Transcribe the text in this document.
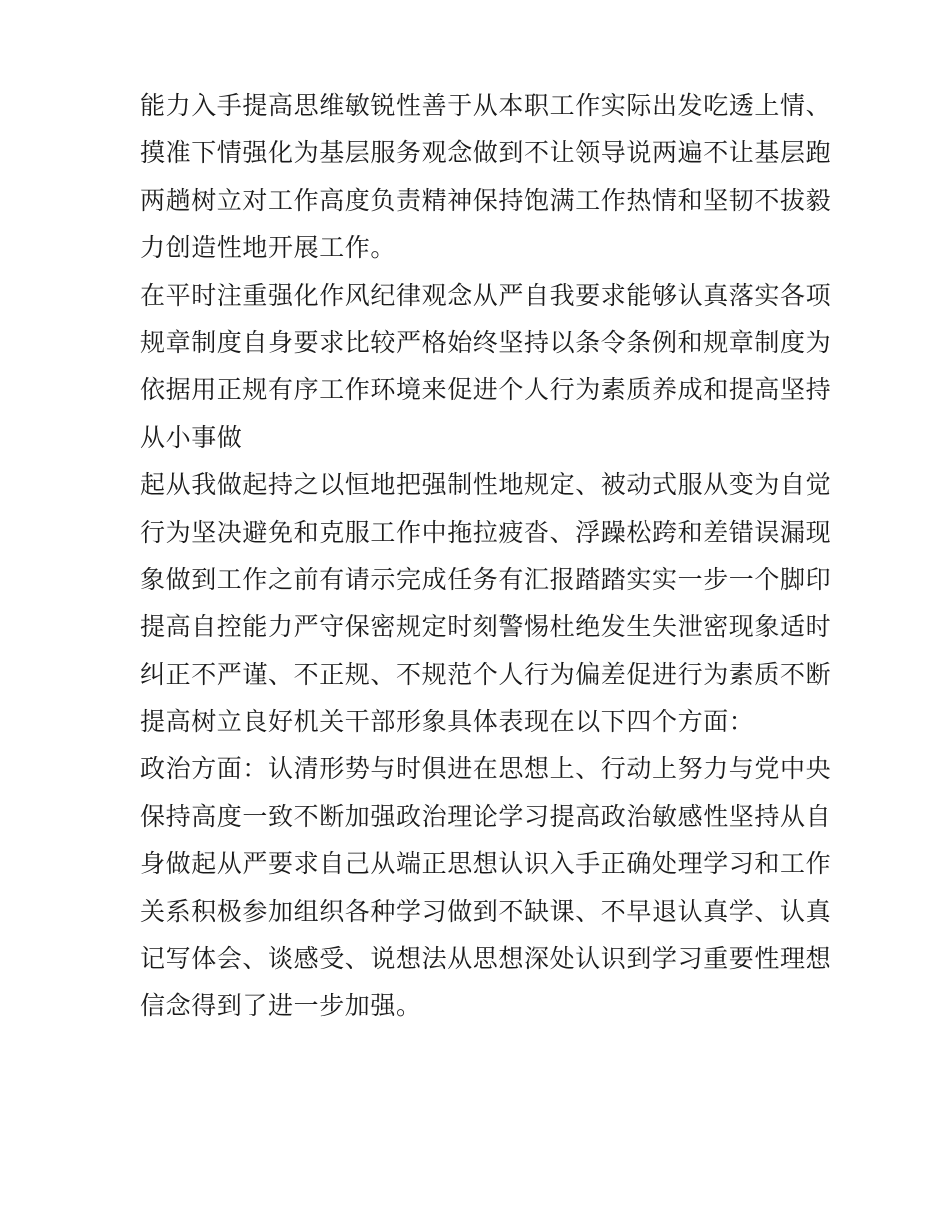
能力入手提高思维敏锐性善于从本职工作实际出发吃透上情、
摸准下情强化为基层服务观念做到不让领导说两遍不让基层跑
两趟树立对工作高度负责精神保持饱满工作热情和坚韧不拔毅
力创造性地开展工作。
在平时注重强化作风纪律观念从严自我要求能够认真落实各项
规章制度自身要求比较严格始终坚持以条令条例和规章制度为
依据用正规有序工作环境来促进个人行为素质养成和提高坚持
从小事做
起从我做起持之以恒地把强制性地规定、被动式服从变为自觉
行为坚决避免和克服工作中拖拉疲沓、浮躁松跨和差错误漏现
象做到工作之前有请示完成任务有汇报踏踏实实一步一个脚印
提高自控能力严守保密规定时刻警惕杜绝发生失泄密现象适时
纠正不严谨、不正规、不规范个人行为偏差促进行为素质不断
提高树立良好机关干部形象具体表现在以下四个方面：
政治方面：认清形势与时俱进在思想上、行动上努力与党中央
保持高度一致不断加强政治理论学习提高政治敏感性坚持从自
身做起从严要求自己从端正思想认识入手正确处理学习和工作
关系积极参加组织各种学习做到不缺课、不早退认真学、认真
记写体会、谈感受、说想法从思想深处认识到学习重要性理想
信念得到了进一步加强。
